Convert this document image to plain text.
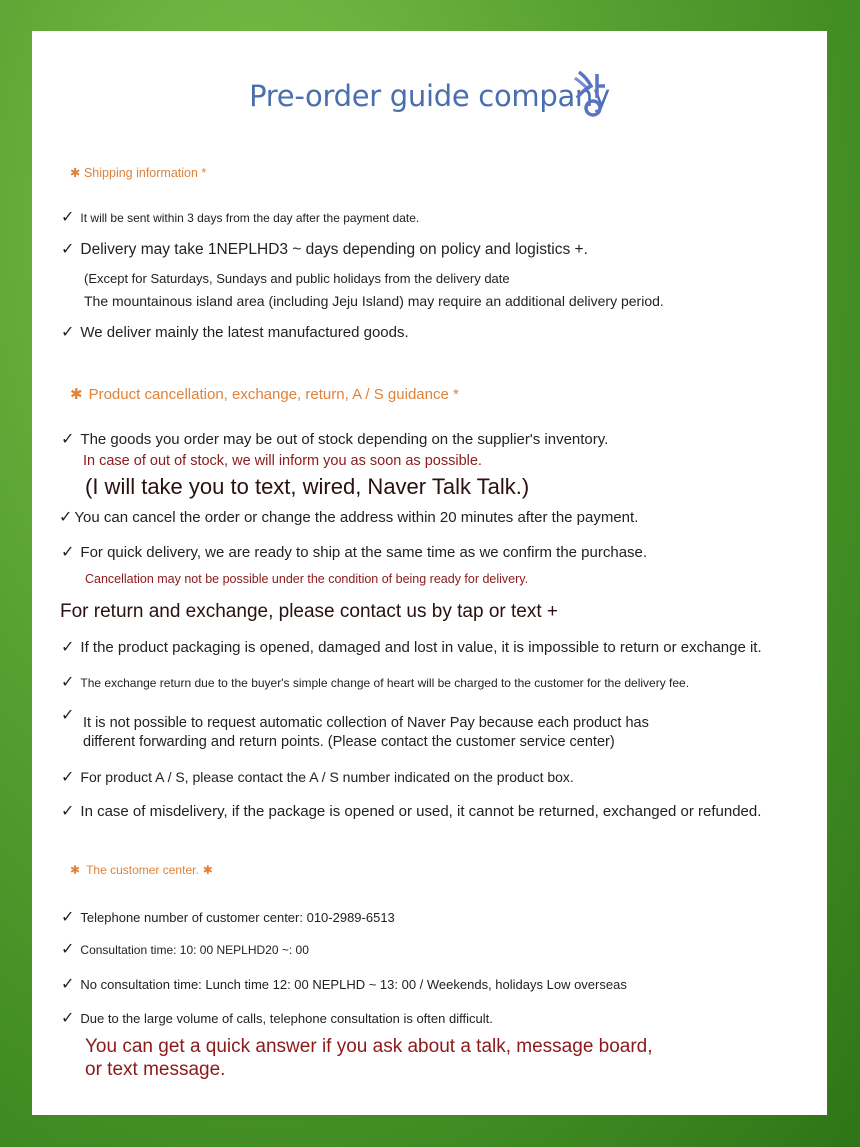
Pre-order guide company
✱ Shipping information *
✓ It will be sent within 3 days from the day after the payment date.
✓ Delivery may take 1NEPLHD3 ~ days depending on policy and logistics +.
(Except for Saturdays, Sundays and public holidays from the delivery date
The mountainous island area (including Jeju Island) may require an additional delivery period.
✓ We deliver mainly the latest manufactured goods.
✱ Product cancellation, exchange, return, A / S guidance *
✓ The goods you order may be out of stock depending on the supplier's inventory.
In case of out of stock, we will inform you as soon as possible.
(I will take you to text, wired, Naver Talk Talk.)
✓ You can cancel the order or change the address within 20 minutes after the payment.
✓ For quick delivery, we are ready to ship at the same time as we confirm the purchase.
Cancellation may not be possible under the condition of being ready for delivery.
For return and exchange, please contact us by tap or text +
✓ If the product packaging is opened, damaged and lost in value, it is impossible to return or exchange it.
✓ The exchange return due to the buyer's simple change of heart will be charged to the customer for the delivery fee.
✓ It is not possible to request automatic collection of Naver Pay because each product has
different forwarding and return points. (Please contact the customer service center)
✓ For product A / S, please contact the A / S number indicated on the product box.
✓ In case of misdelivery, if the package is opened or used, it cannot be returned, exchanged or refunded.
✱ The customer center. ✱
✓ Telephone number of customer center: 010-2989-6513
✓ Consultation time: 10: 00 NEPLHD20 ~: 00
✓ No consultation time: Lunch time 12: 00 NEPLHD ~ 13: 00 / Weekends, holidays Low overseas
✓ Due to the large volume of calls, telephone consultation is often difficult.
You can get a quick answer if you ask about a talk, message board,
or text message.
